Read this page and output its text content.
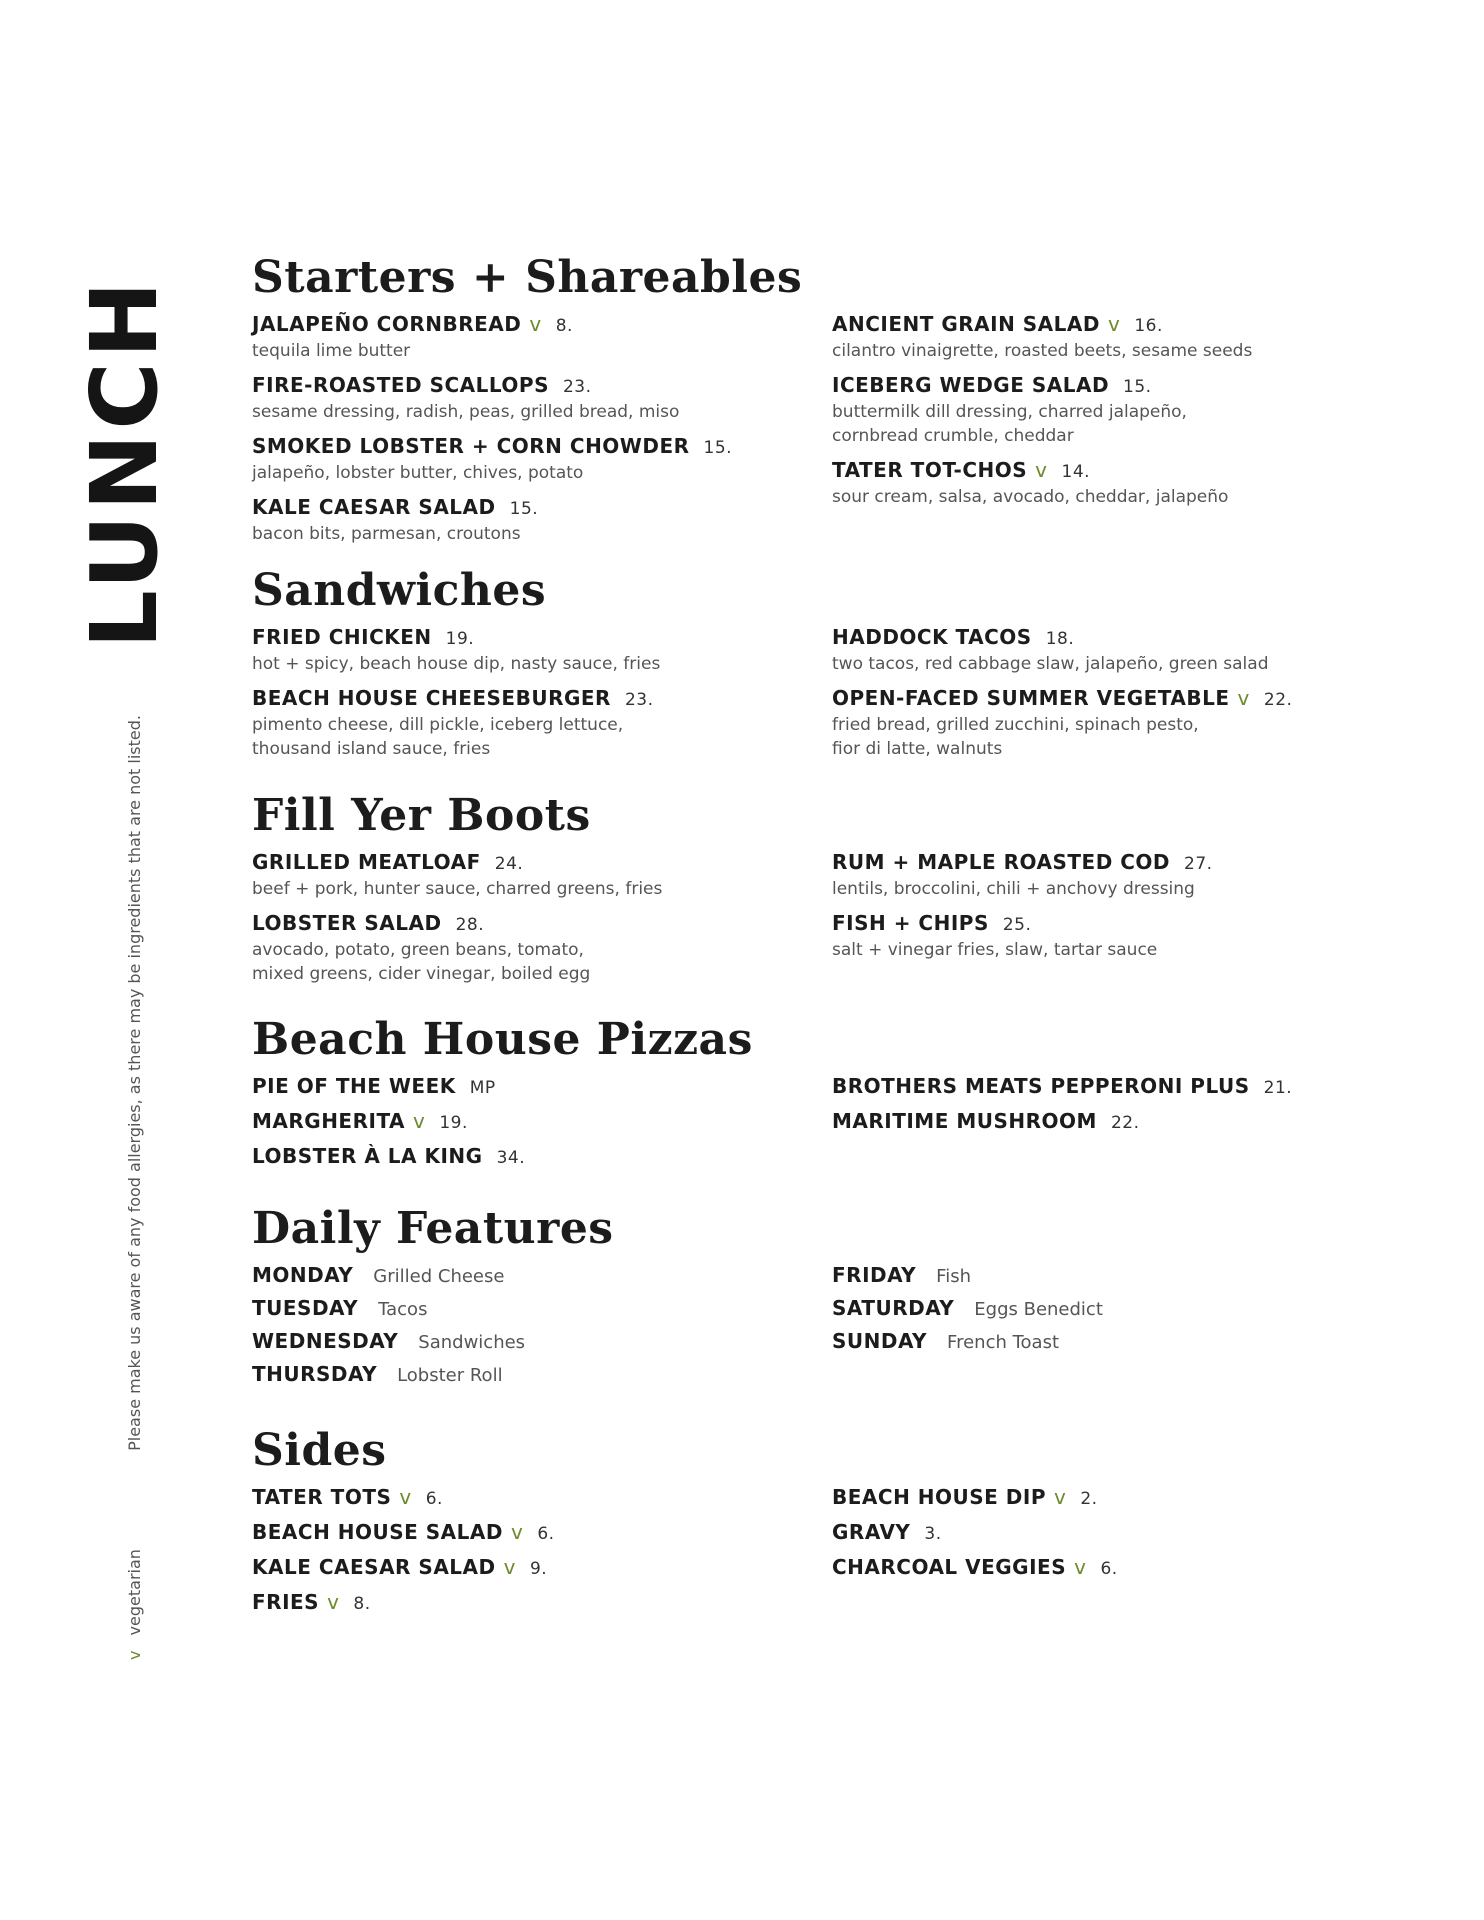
LUNCH
Please make us aware of any food allergies, as there may be ingredients that are not listed.
v vegetarian
Starters + Shareables
JALAPEÑO CORNBREAD v 8.
tequila lime butter
FIRE-ROASTED SCALLOPS 23.
sesame dressing, radish, peas, grilled bread, miso
SMOKED LOBSTER + CORN CHOWDER 15.
jalapeño, lobster butter, chives, potato
KALE CAESAR SALAD 15.
bacon bits, parmesan, croutons
ANCIENT GRAIN SALAD v 16.
cilantro vinaigrette, roasted beets, sesame seeds
ICEBERG WEDGE SALAD 15.
buttermilk dill dressing, charred jalapeño,
cornbread crumble, cheddar
TATER TOT-CHOS v 14.
sour cream, salsa, avocado, cheddar, jalapeño
Sandwiches
FRIED CHICKEN 19.
hot + spicy, beach house dip, nasty sauce, fries
BEACH HOUSE CHEESEBURGER 23.
pimento cheese, dill pickle, iceberg lettuce,
thousand island sauce, fries
HADDOCK TACOS 18.
two tacos, red cabbage slaw, jalapeño, green salad
OPEN-FACED SUMMER VEGETABLE v 22.
fried bread, grilled zucchini, spinach pesto,
fior di latte, walnuts
Fill Yer Boots
GRILLED MEATLOAF 24.
beef + pork, hunter sauce, charred greens, fries
LOBSTER SALAD 28.
avocado, potato, green beans, tomato,
mixed greens, cider vinegar, boiled egg
RUM + MAPLE ROASTED COD 27.
lentils, broccolini, chili + anchovy dressing
FISH + CHIPS 25.
salt + vinegar fries, slaw, tartar sauce
Beach House Pizzas
PIE OF THE WEEK MP
MARGHERITA v 19.
LOBSTER À LA KING 34.
BROTHERS MEATS PEPPERONI PLUS 21.
MARITIME MUSHROOM 22.
Daily Features
MONDAY Grilled Cheese
TUESDAY Tacos
WEDNESDAY Sandwiches
THURSDAY Lobster Roll
FRIDAY Fish
SATURDAY Eggs Benedict
SUNDAY French Toast
Sides
TATER TOTS v 6.
BEACH HOUSE SALAD v 6.
KALE CAESAR SALAD v 9.
FRIES v 8.
BEACH HOUSE DIP v 2.
GRAVY 3.
CHARCOAL VEGGIES v 6.
